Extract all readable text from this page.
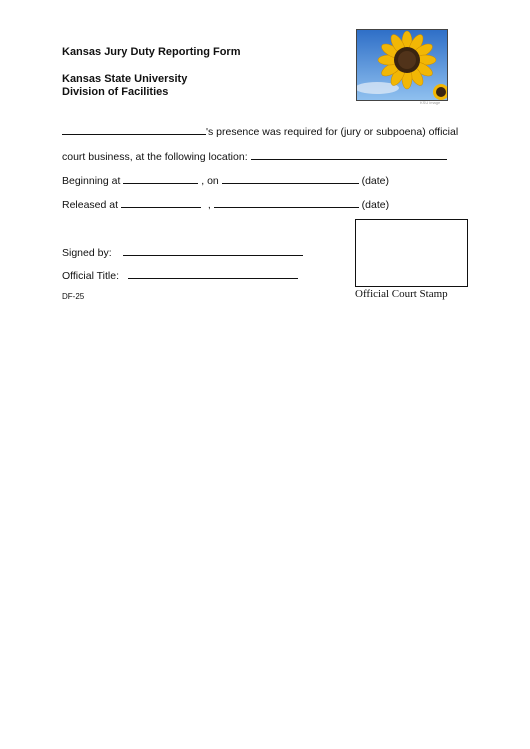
Kansas Jury Duty Reporting Form
Kansas State University
Division of Facilities
KSU image
's presence was required for (jury or subpoena) official
court business, at the following location:
Beginning at	, on	(date)
Released at	,	(date)
Signed by:
Official Title:
DF-25	Official Court Stamp
